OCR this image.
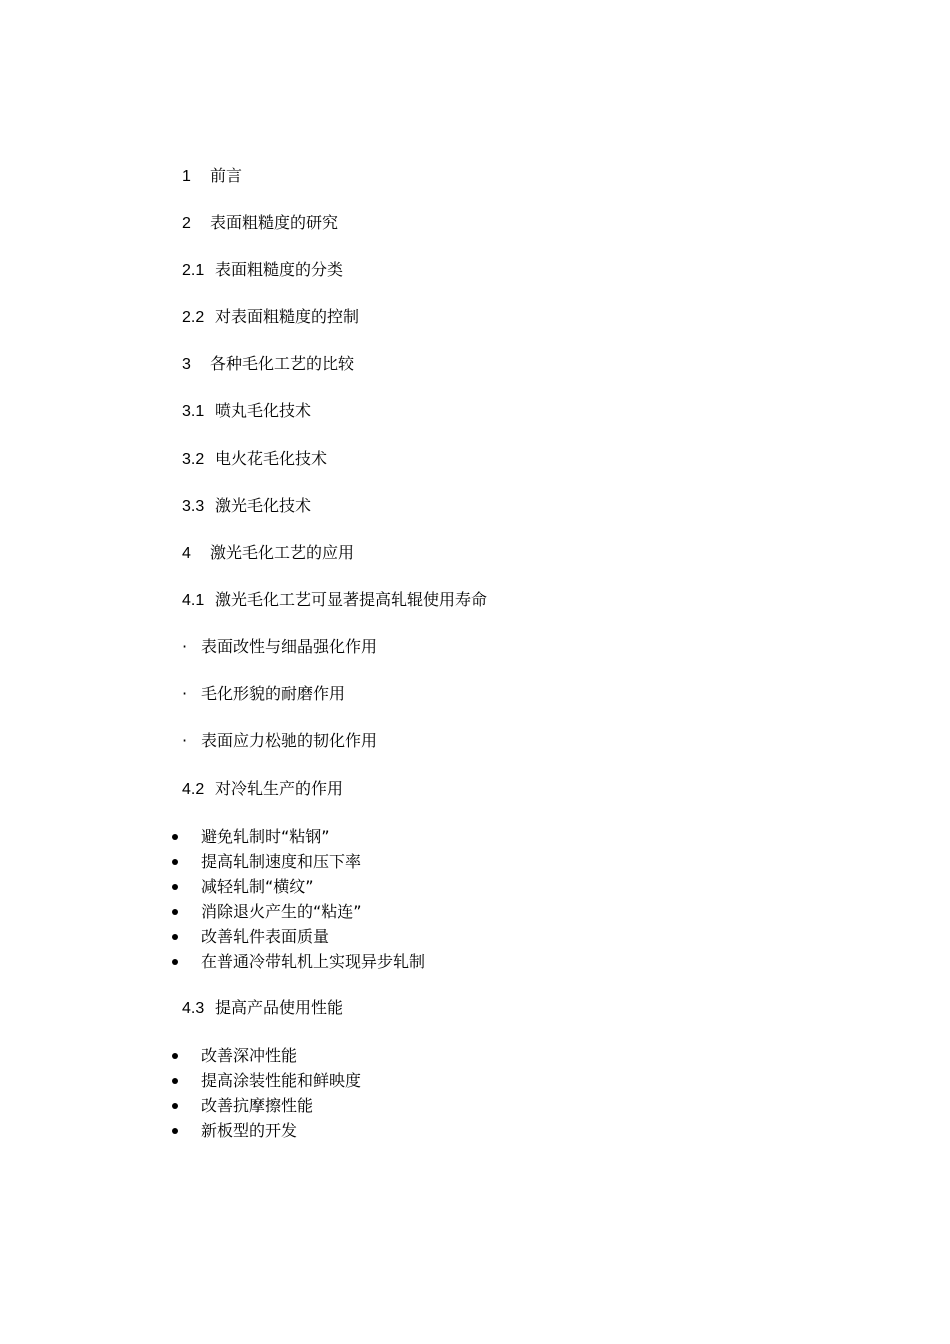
1 前言
2 表面粗糙度的研究
2.1 表面粗糙度的分类
2.2 对表面粗糙度的控制
3 各种毛化工艺的比较
3.1 喷丸毛化技术
3.2 电火花毛化技术
3.3 激光毛化技术
4 激光毛化工艺的应用
4.1 激光毛化工艺可显著提高轧辊使用寿命
· 表面改性与细晶强化作用
· 毛化形貌的耐磨作用
· 表面应力松驰的韧化作用
4.2 对冷轧生产的作用
避免轧制时“粘钢”
提高轧制速度和压下率
减轻轧制“横纹”
消除退火产生的“粘连”
改善轧件表面质量
在普通冷带轧机上实现异步轧制
4.3 提高产品使用性能
改善深冲性能
提高涂装性能和鲜映度
改善抗摩擦性能
新板型的开发
